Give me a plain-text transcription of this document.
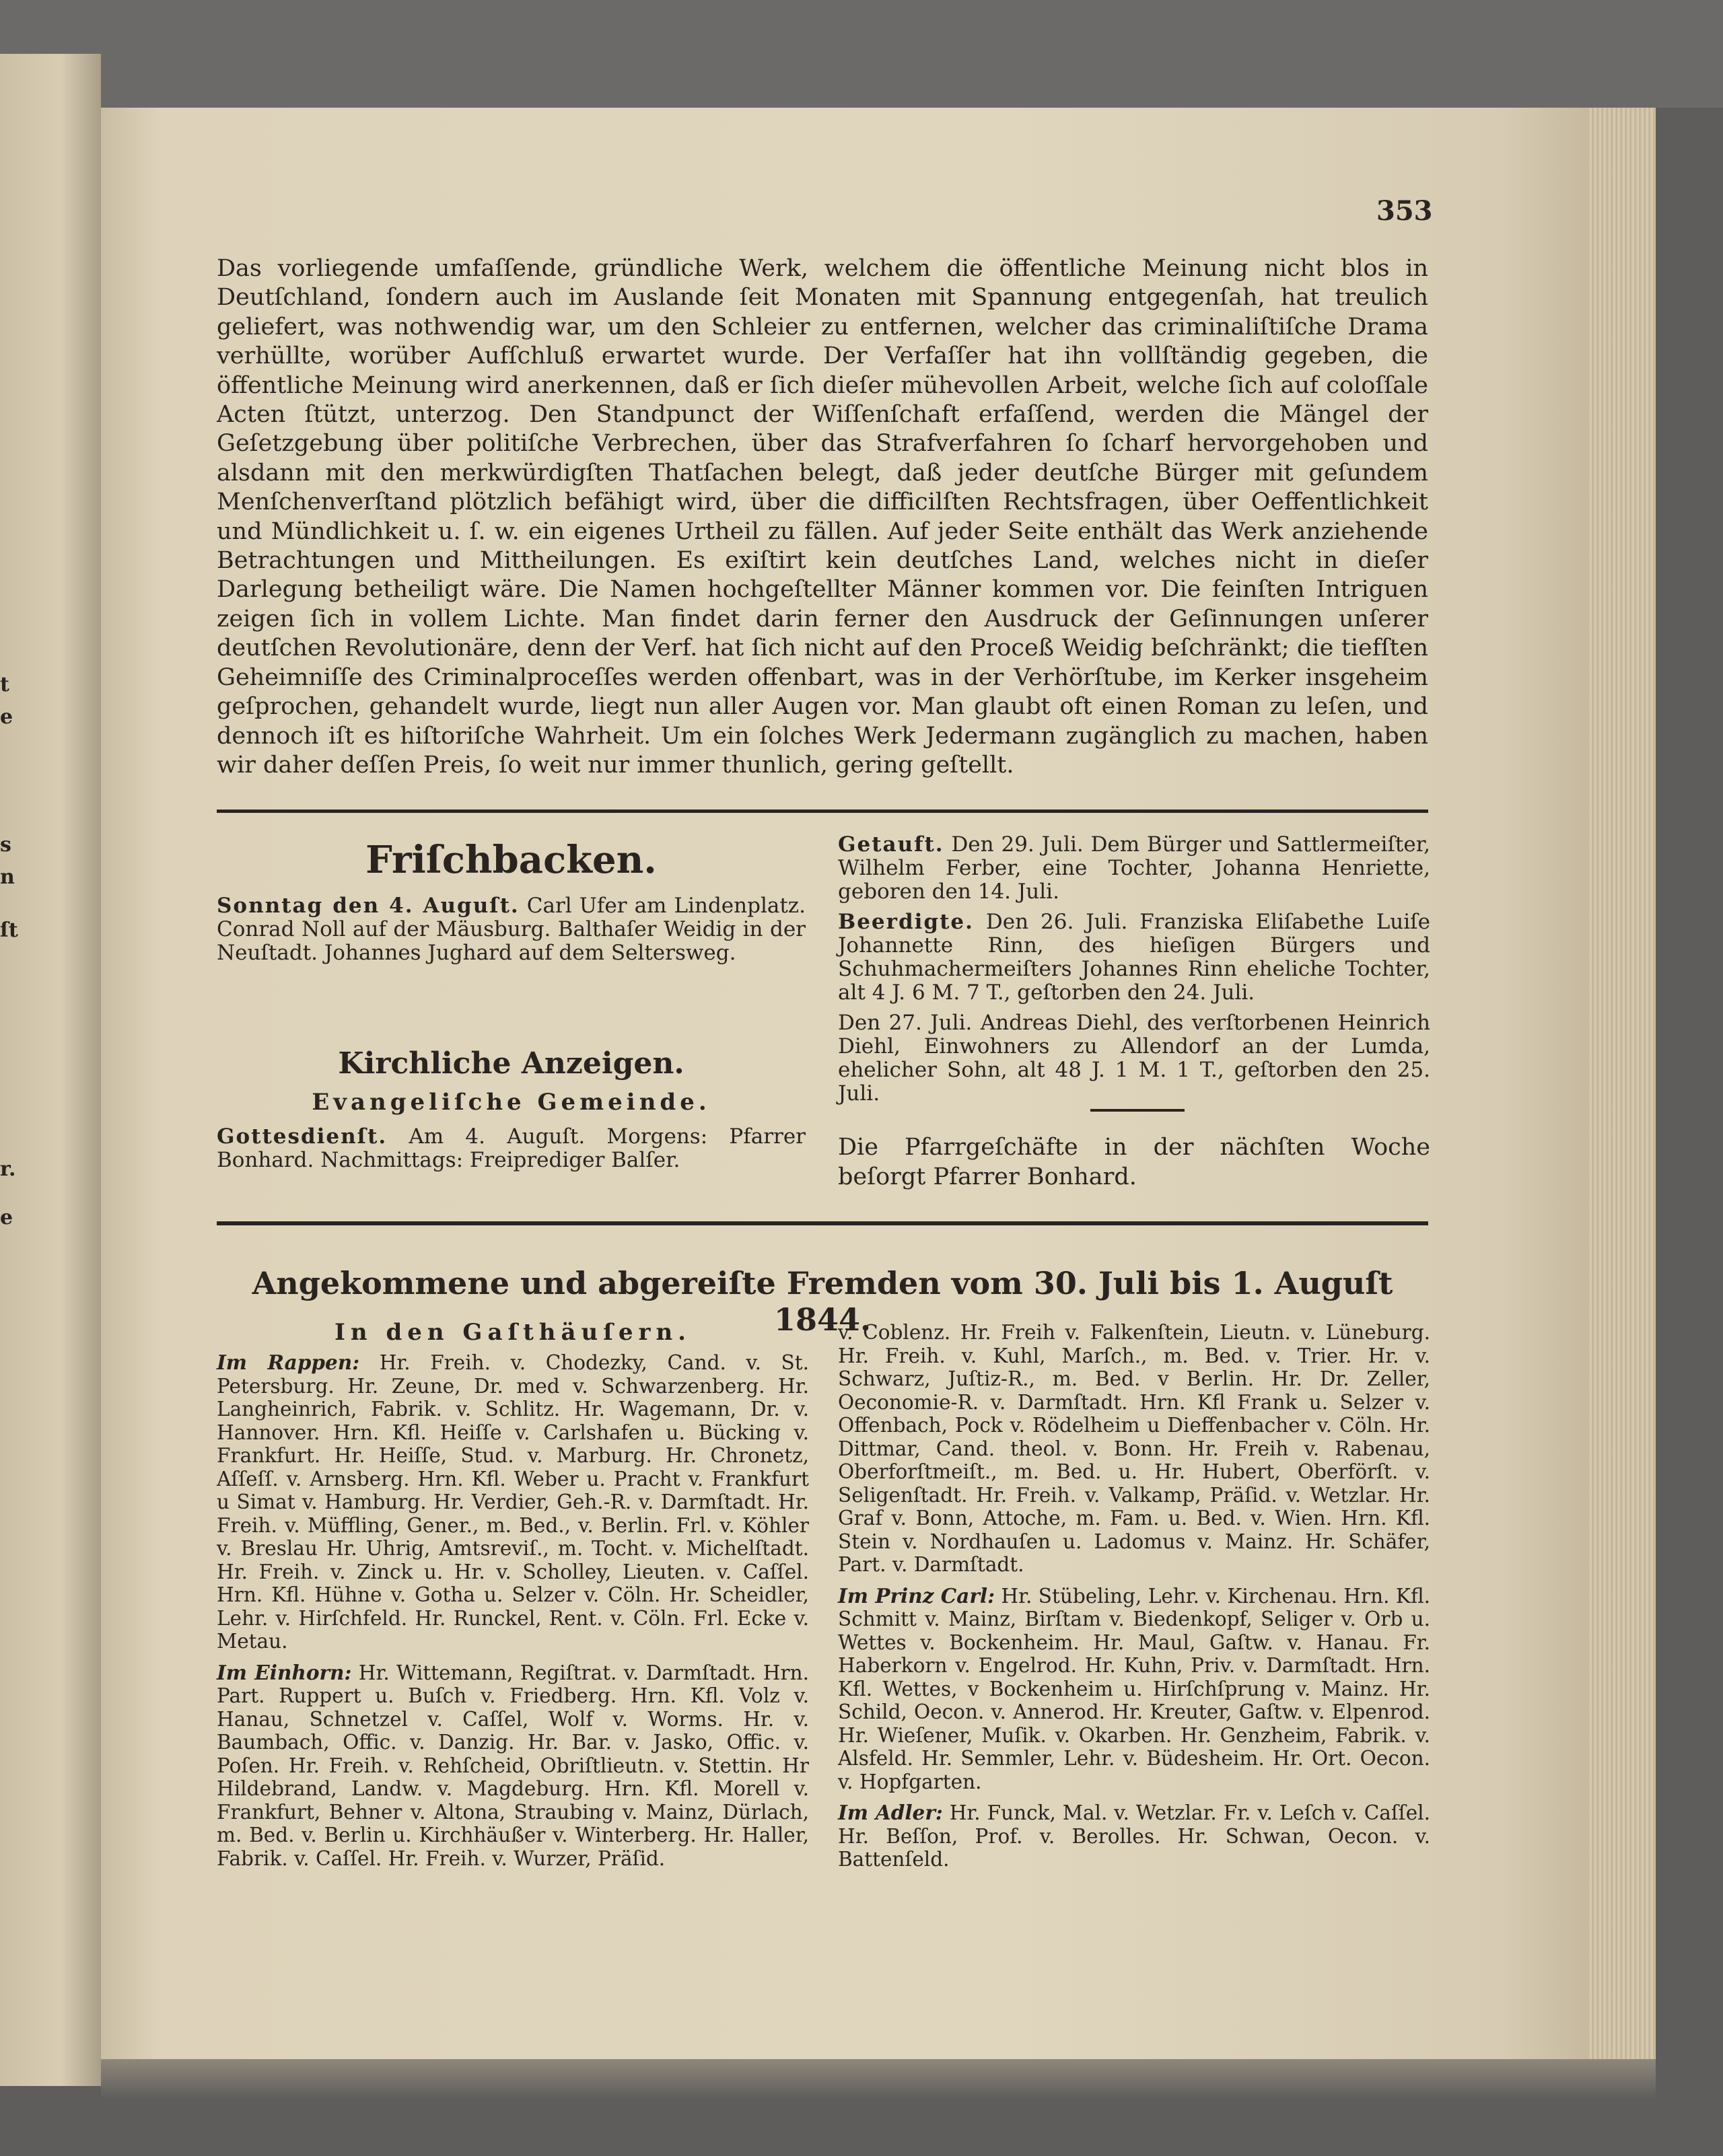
t
e
s
n
ſt
r.
e
353
Das vorliegende umfaſſende, gründliche Werk, welchem die öffentliche Meinung nicht blos in Deutſchland, ſondern auch im Auslande ſeit Monaten mit Spannung entgegenſah, hat treulich geliefert, was nothwendig war, um den Schleier zu entfernen, welcher das criminaliſtiſche Drama verhüllte, worüber Aufſchluß erwartet wurde. Der Verfaſſer hat ihn vollſtändig gegeben, die öffentliche Meinung wird anerkennen, daß er ſich dieſer mühevollen Arbeit, welche ſich auf coloſſale Acten ſtützt, unterzog. Den Standpunct der Wiſſenſchaft erfaſſend, werden die Mängel der Geſetzgebung über politiſche Verbrechen, über das Strafverfahren ſo ſcharf hervorgehoben und alsdann mit den merkwürdigſten Thatſachen belegt, daß jeder deutſche Bürger mit geſundem Menſchenverſtand plötzlich befähigt wird, über die difficilſten Rechtsfragen, über Oeffentlichkeit und Mündlichkeit u. ſ. w. ein eigenes Urtheil zu fällen. Auf jeder Seite enthält das Werk anziehende Betrachtungen und Mittheilungen. Es exiſtirt kein deutſches Land, welches nicht in dieſer Darlegung betheiligt wäre. Die Namen hochgeſtellter Männer kommen vor. Die feinſten Intriguen zeigen ſich in vollem Lichte. Man findet darin ferner den Ausdruck der Geſinnungen unſerer deutſchen Revolutionäre, denn der Verf. hat ſich nicht auf den Proceß Weidig beſchränkt; die tiefſten Geheimniſſe des Criminalproceſſes werden offenbart, was in der Verhörſtube, im Kerker insgeheim geſprochen, gehandelt wurde, liegt nun aller Augen vor. Man glaubt oft einen Roman zu leſen, und dennoch iſt es hiſtoriſche Wahrheit. Um ein ſolches Werk Jedermann zugänglich zu machen, haben wir daher deſſen Preis, ſo weit nur immer thunlich, gering geſtellt.
Friſchbacken.
Sonntag den 4. Auguſt. Carl Ufer am Lindenplatz. Conrad Noll auf der Mäusburg. Balthaſer Weidig in der Neuſtadt. Johannes Jughard auf dem Seltersweg.
Kirchliche Anzeigen.
Evangeliſche Gemeinde.
Gottesdienſt. Am 4. Auguſt. Morgens: Pfarrer Bonhard. Nachmittags: Freiprediger Balſer.
Getauft. Den 29. Juli. Dem Bürger und Sattlermeiſter, Wilhelm Ferber, eine Tochter, Johanna Henriette, geboren den 14. Juli.
Beerdigte. Den 26. Juli. Franziska Eliſabethe Luiſe Johannette Rinn, des hieſigen Bürgers und Schuhmachermeiſters Johannes Rinn eheliche Tochter, alt 4 J. 6 M. 7 T., geſtorben den 24. Juli.
Den 27. Juli. Andreas Diehl, des verſtorbenen Heinrich Diehl, Einwohners zu Allendorf an der Lumda, ehelicher Sohn, alt 48 J. 1 M. 1 T., geſtorben den 25. Juli.
Die Pfarrgeſchäfte in der nächſten Woche beſorgt Pfarrer Bonhard.
Angekommene und abgereiſte Fremden vom 30. Juli bis 1. Auguſt 1844.
In den Gaſthäuſern.
Im Rappen: Hr. Freih. v. Chodezky, Cand. v. St. Petersburg. Hr. Zeune, Dr. med v. Schwarzenberg. Hr. Langheinrich, Fabrik. v. Schlitz. Hr. Wagemann, Dr. v. Hannover. Hrn. Kfl. Heiſſe v. Carlshafen u. Bücking v. Frankfurt. Hr. Heiſſe, Stud. v. Marburg. Hr. Chronetz, Aſſeſſ. v. Arnsberg. Hrn. Kfl. Weber u. Pracht v. Frankfurt u Simat v. Hamburg. Hr. Verdier, Geh.-R. v. Darmſtadt. Hr. Freih. v. Müffling, Gener., m. Bed., v. Berlin. Frl. v. Köhler v. Breslau Hr. Uhrig, Amtsreviſ., m. Tocht. v. Michelſtadt. Hr. Freih. v. Zinck u. Hr. v. Scholley, Lieuten. v. Caſſel. Hrn. Kfl. Hühne v. Gotha u. Selzer v. Cöln. Hr. Scheidler, Lehr. v. Hirſchfeld. Hr. Runckel, Rent. v. Cöln. Frl. Ecke v. Metau.
Im Einhorn: Hr. Wittemann, Regiſtrat. v. Darmſtadt. Hrn. Part. Ruppert u. Buſch v. Friedberg. Hrn. Kfl. Volz v. Hanau, Schnetzel v. Caſſel, Wolf v. Worms. Hr. v. Baumbach, Offic. v. Danzig. Hr. Bar. v. Jasko, Offic. v. Poſen. Hr. Freih. v. Rehſcheid, Obriſtlieutn. v. Stettin. Hr Hildebrand, Landw. v. Magdeburg. Hrn. Kfl. Morell v. Frankfurt, Behner v. Altona, Straubing v. Mainz, Dürlach, m. Bed. v. Berlin u. Kirchhäußer v. Winterberg. Hr. Haller, Fabrik. v. Caſſel. Hr. Freih. v. Wurzer, Präſid.
v. Coblenz. Hr. Freih v. Falkenſtein, Lieutn. v. Lüneburg. Hr. Freih. v. Kuhl, Marſch., m. Bed. v. Trier. Hr. v. Schwarz, Juſtiz-R., m. Bed. v Berlin. Hr. Dr. Zeller, Oeconomie-R. v. Darmſtadt. Hrn. Kfl Frank u. Selzer v. Offenbach, Pock v. Rödelheim u Dieffenbacher v. Cöln. Hr. Dittmar, Cand. theol. v. Bonn. Hr. Freih v. Rabenau, Oberforſtmeiſt., m. Bed. u. Hr. Hubert, Oberförſt. v. Seligenſtadt. Hr. Freih. v. Valkamp, Präſid. v. Wetzlar. Hr. Graf v. Bonn, Attoche, m. Fam. u. Bed. v. Wien. Hrn. Kfl. Stein v. Nordhauſen u. Ladomus v. Mainz. Hr. Schäfer, Part. v. Darmſtadt.
Im Prinz Carl: Hr. Stübeling, Lehr. v. Kirchenau. Hrn. Kfl. Schmitt v. Mainz, Birſtam v. Biedenkopf, Seliger v. Orb u. Wettes v. Bockenheim. Hr. Maul, Gaſtw. v. Hanau. Fr. Haberkorn v. Engelrod. Hr. Kuhn, Priv. v. Darmſtadt. Hrn. Kfl. Wettes, v Bockenheim u. Hirſchſprung v. Mainz. Hr. Schild, Oecon. v. Annerod. Hr. Kreuter, Gaſtw. v. Elpenrod. Hr. Wieſener, Muſik. v. Okarben. Hr. Genzheim, Fabrik. v. Alsfeld. Hr. Semmler, Lehr. v. Büdesheim. Hr. Ort. Oecon. v. Hopfgarten.
Im Adler: Hr. Funck, Mal. v. Wetzlar. Fr. v. Leſch v. Caſſel. Hr. Beſſon, Prof. v. Berolles. Hr. Schwan, Oecon. v. Battenſeld.
